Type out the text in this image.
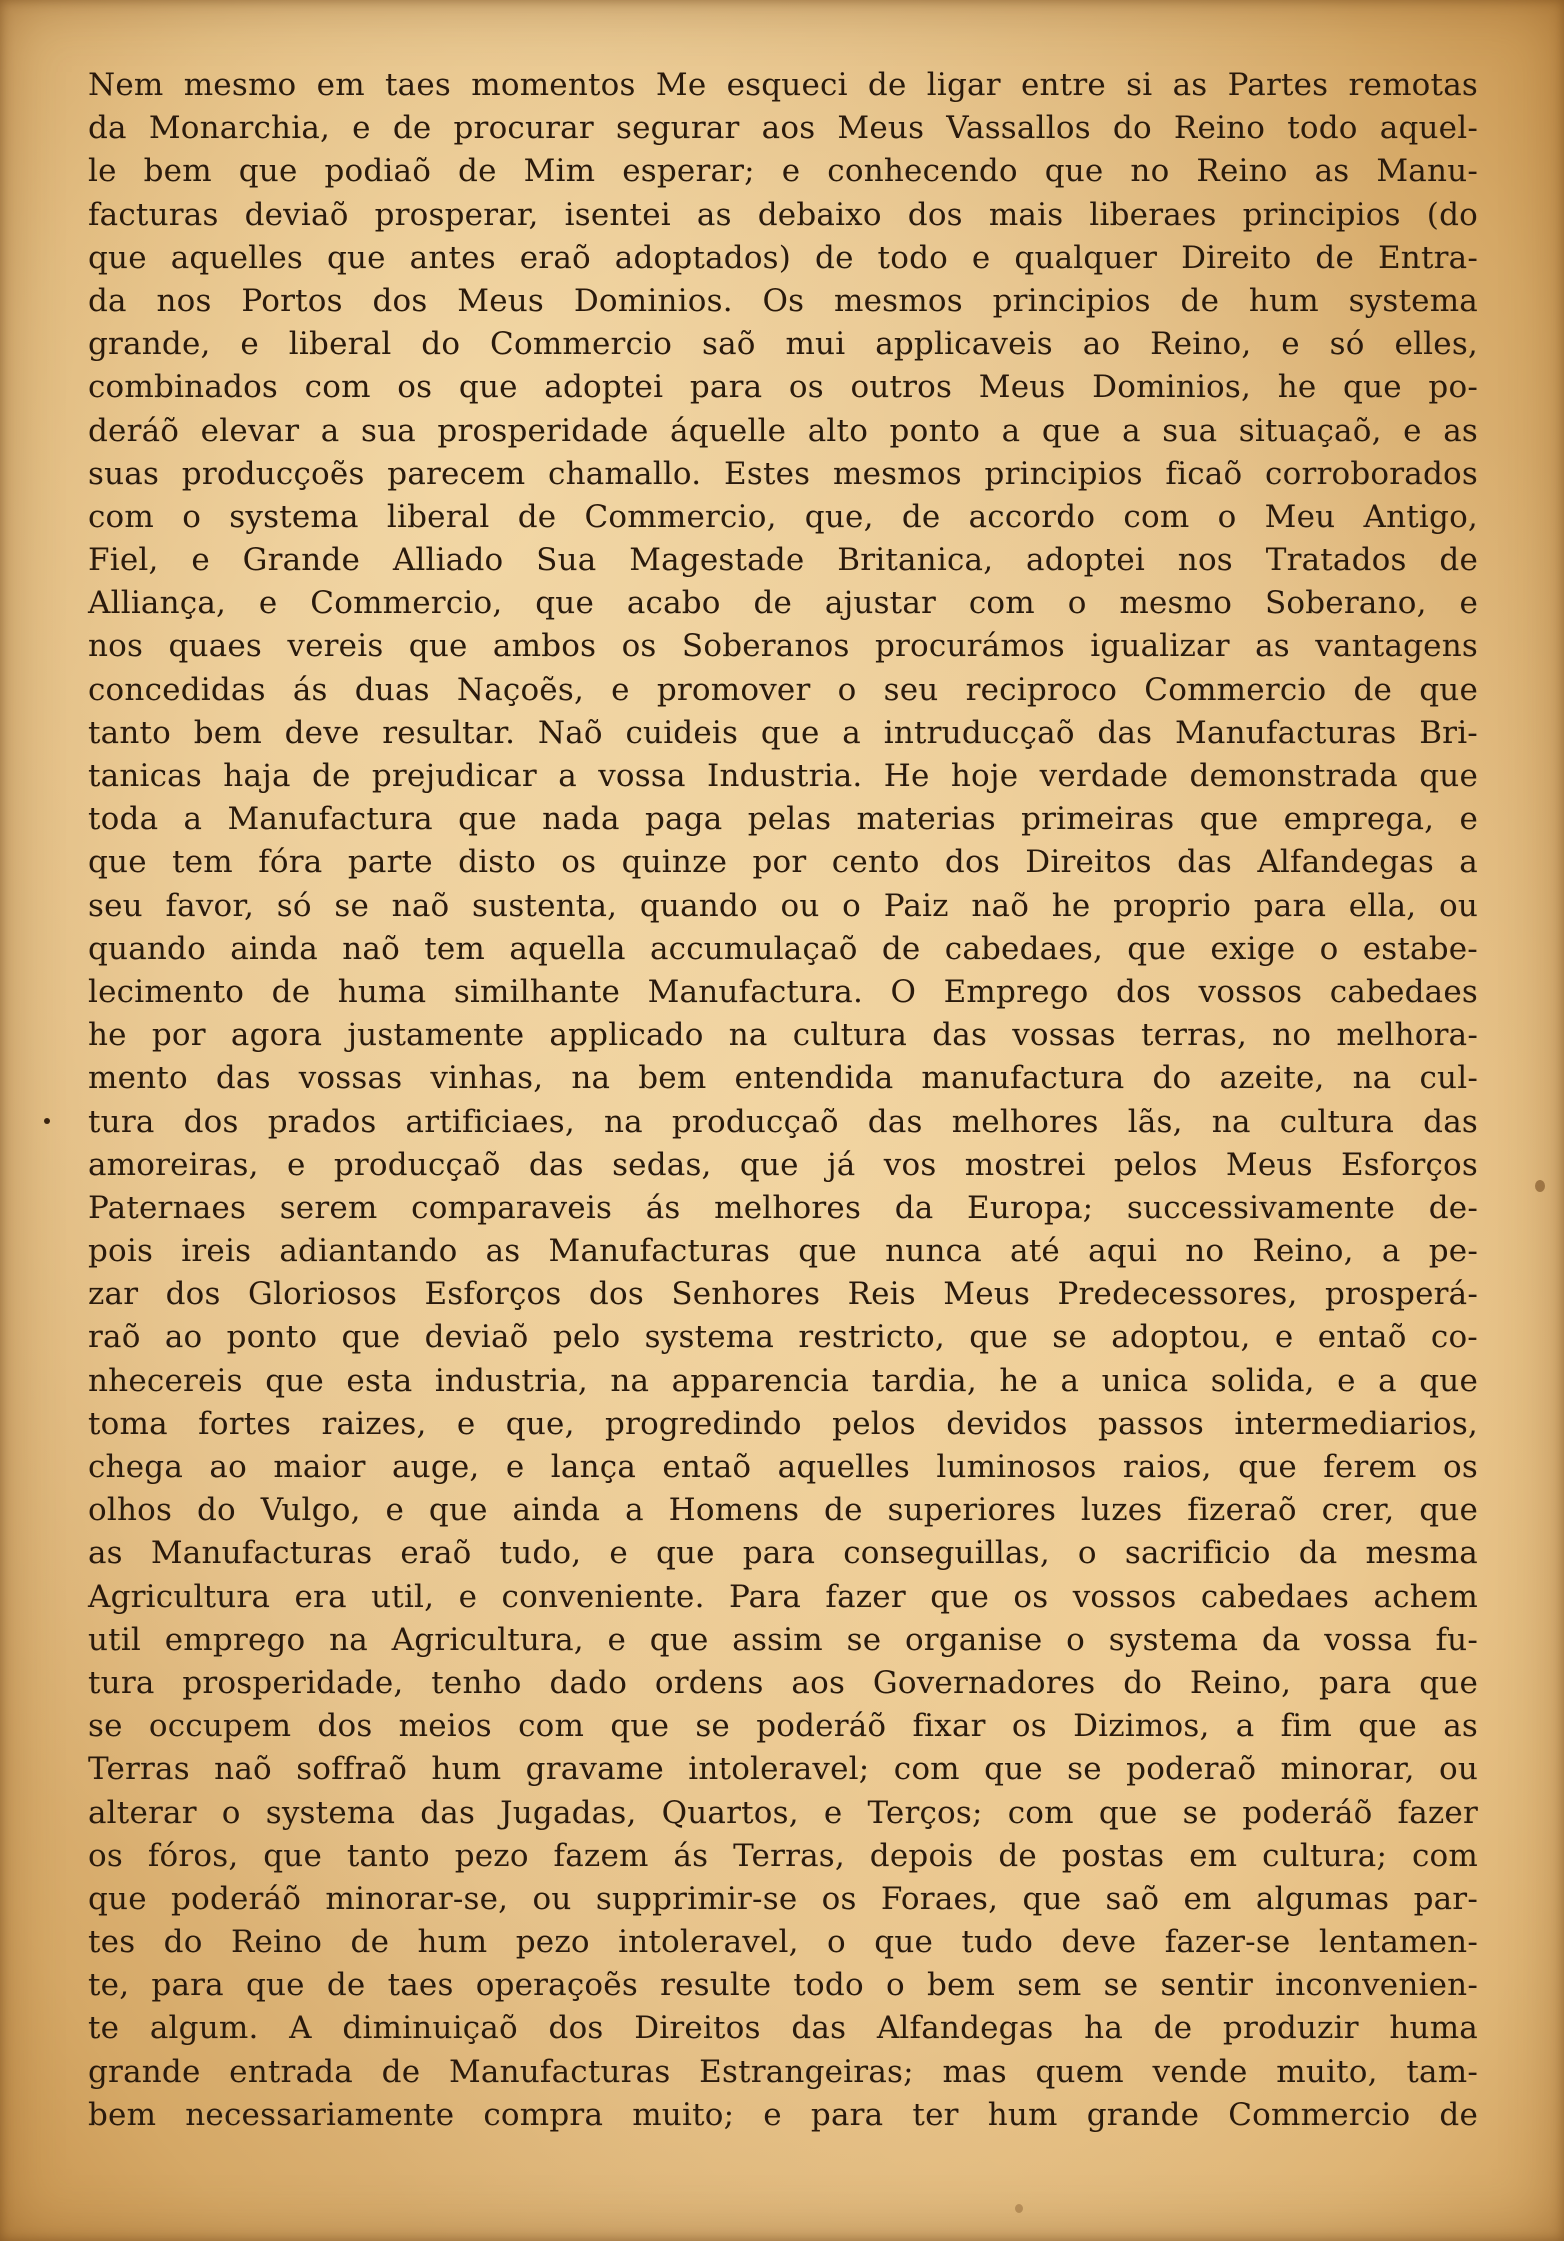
Nem mesmo em taes momentos Me esqueci de ligar entre si as Partes remotas
da Monarchia, e de procurar segurar aos Meus Vassallos do Reino todo aquel-
le bem que podiaõ de Mim esperar; e conhecendo que no Reino as Manu-
facturas deviaõ prosperar, isentei as debaixo dos mais liberaes principios (do
que aquelles que antes eraõ adoptados) de todo e qualquer Direito de Entra-
da nos Portos dos Meus Dominios. Os mesmos principios de hum systema
grande, e liberal do Commercio saõ mui applicaveis ao Reino, e só elles,
combinados com os que adoptei para os outros Meus Dominios, he que po-
deráõ elevar a sua prosperidade áquelle alto ponto a que a sua situaçaõ, e as
suas producçoẽs parecem chamallo. Estes mesmos principios ficaõ corroborados
com o systema liberal de Commercio, que, de accordo com o Meu Antigo,
Fiel, e Grande Alliado Sua Magestade Britanica, adoptei nos Tratados de
Alliança, e Commercio, que acabo de ajustar com o mesmo Soberano, e
nos quaes vereis que ambos os Soberanos procurámos igualizar as vantagens
concedidas ás duas Naçoẽs, e promover o seu reciproco Commercio de que
tanto bem deve resultar. Naõ cuideis que a intruducçaõ das Manufacturas Bri-
tanicas haja de prejudicar a vossa Industria. He hoje verdade demonstrada que
toda a Manufactura que nada paga pelas materias primeiras que emprega, e
que tem fóra parte disto os quinze por cento dos Direitos das Alfandegas a
seu favor, só se naõ sustenta, quando ou o Paiz naõ he proprio para ella, ou
quando ainda naõ tem aquella accumulaçaõ de cabedaes, que exige o estabe-
lecimento de huma similhante Manufactura. O Emprego dos vossos cabedaes
he por agora justamente applicado na cultura das vossas terras, no melhora-
mento das vossas vinhas, na bem entendida manufactura do azeite, na cul-
tura dos prados artificiaes, na producçaõ das melhores lãs, na cultura das
amoreiras, e producçaõ das sedas, que já vos mostrei pelos Meus Esforços
Paternaes serem comparaveis ás melhores da Europa; successivamente de-
pois ireis adiantando as Manufacturas que nunca até aqui no Reino, a pe-
zar dos Gloriosos Esforços dos Senhores Reis Meus Predecessores, prosperá-
raõ ao ponto que deviaõ pelo systema restricto, que se adoptou, e entaõ co-
nhecereis que esta industria, na apparencia tardia, he a unica solida, e a que
toma fortes raizes, e que, progredindo pelos devidos passos intermediarios,
chega ao maior auge, e lança entaõ aquelles luminosos raios, que ferem os
olhos do Vulgo, e que ainda a Homens de superiores luzes fizeraõ crer, que
as Manufacturas eraõ tudo, e que para conseguillas, o sacrificio da mesma
Agricultura era util, e conveniente. Para fazer que os vossos cabedaes achem
util emprego na Agricultura, e que assim se organise o systema da vossa fu-
tura prosperidade, tenho dado ordens aos Governadores do Reino, para que
se occupem dos meios com que se poderáõ fixar os Dizimos, a fim que as
Terras naõ soffraõ hum gravame intoleravel; com que se poderaõ minorar, ou
alterar o systema das Jugadas, Quartos, e Terços; com que se poderáõ fazer
os fóros, que tanto pezo fazem ás Terras, depois de postas em cultura; com
que poderáõ minorar-se, ou supprimir-se os Foraes, que saõ em algumas par-
tes do Reino de hum pezo intoleravel, o que tudo deve fazer-se lentamen-
te, para que de taes operaçoẽs resulte todo o bem sem se sentir inconvenien-
te algum. A diminuiçaõ dos Direitos das Alfandegas ha de produzir huma
grande entrada de Manufacturas Estrangeiras; mas quem vende muito, tam-
bem necessariamente compra muito; e para ter hum grande Commercio de
